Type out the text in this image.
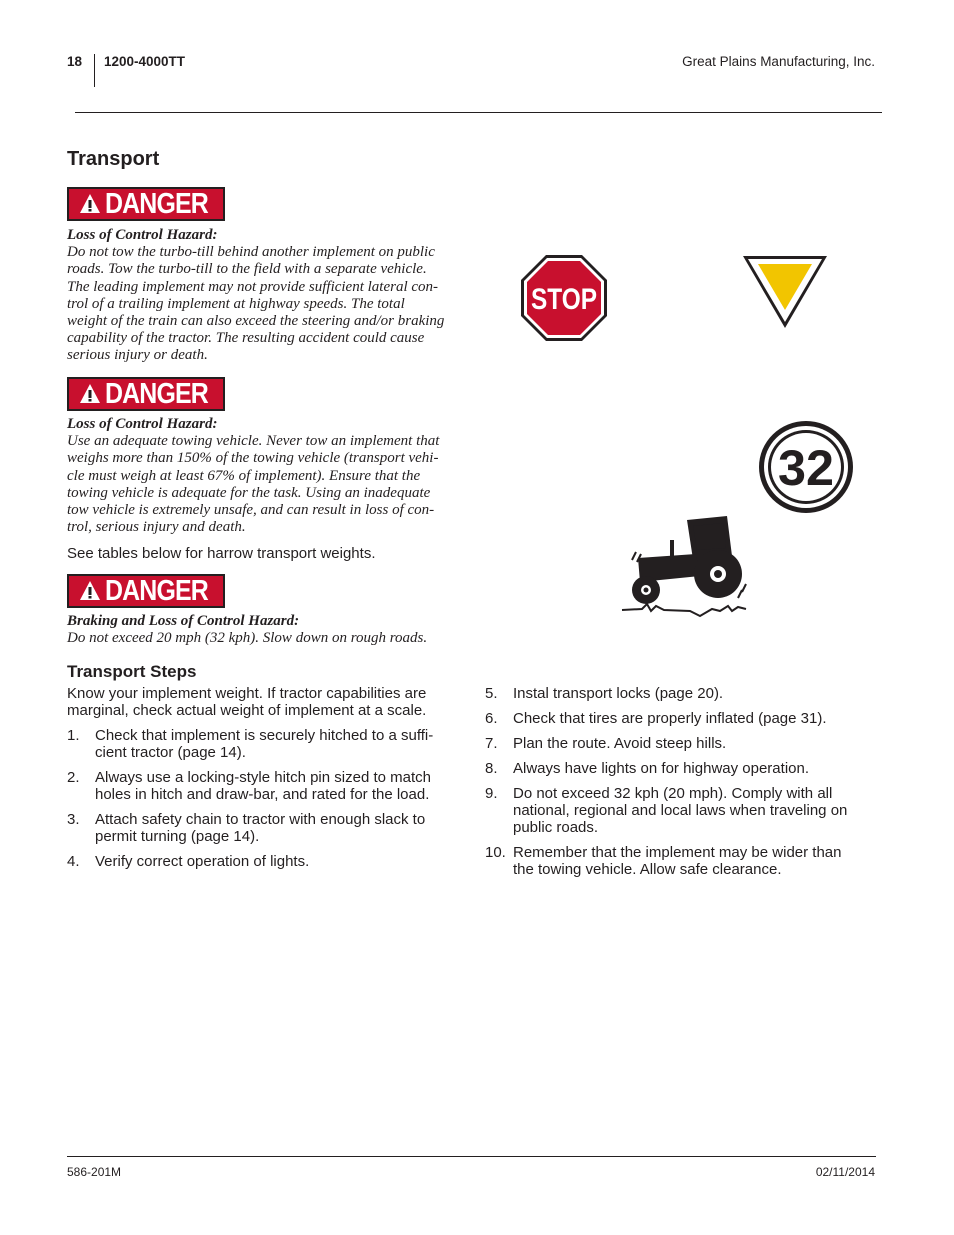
18 1200-4000TT	Great Plains Manufacturing, Inc.
Transport
DANGER
Loss of Control Hazard:
Do not tow the turbo-till behind another implement on public
roads. Tow the turbo-till to the field with a separate vehicle.
The leading implement may not provide sufficient lateral con-
trol of a trailing implement at highway speeds. The total
weight of the train can also exceed the steering and/or braking
capability of the tractor. The resulting accident could cause
serious injury or death.
DANGER
Loss of Control Hazard:
Use an adequate towing vehicle. Never tow an implement that
weighs more than 150% of the towing vehicle (transport vehi-
cle must weigh at least 67% of implement). Ensure that the
towing vehicle is adequate for the task. Using an inadequate
tow vehicle is extremely unsafe, and can result in loss of con-
trol, serious injury and death.
See tables below for harrow transport weights.
DANGER
Braking and Loss of Control Hazard:
Do not exceed 20 mph (32 kph). Slow down on rough roads.
STOP
32
Transport Steps
Know your implement weight. If tractor capabilities are
marginal, check actual weight of implement at a scale.
1. Check that implement is securely hitched to a suffi-
cient tractor (page 14).
2. Always use a locking-style hitch pin sized to match
holes in hitch and draw-bar, and rated for the load.
3. Attach safety chain to tractor with enough slack to
permit turning (page 14).
4. Verify correct operation of lights.
5. Instal transport locks (page 20).
6. Check that tires are properly inflated (page 31).
7. Plan the route. Avoid steep hills.
8. Always have lights on for highway operation.
9. Do not exceed 32 kph (20 mph). Comply with all
national, regional and local laws when traveling on
public roads.
10. Remember that the implement may be wider than
the towing vehicle. Allow safe clearance.
586-201M	02/11/2014
